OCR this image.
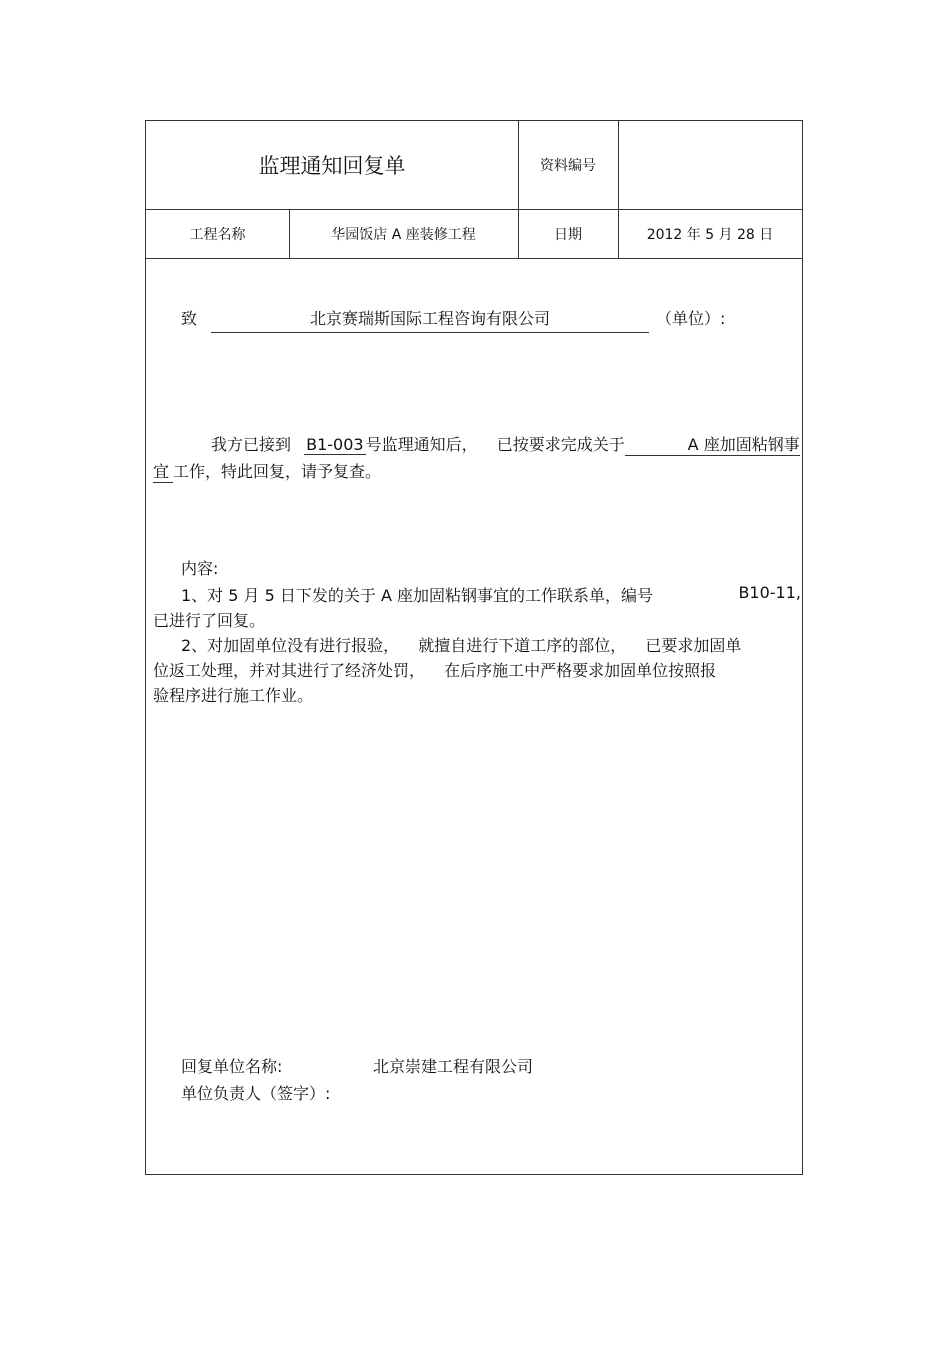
监理通知回复单	资料编号
工程名称	华园饭店 A 座装修工程	日期	2012 年 5 月 28 日
致	北京赛瑞斯国际工程咨询有限公司	（单位）:
我方已接到 B1-003 号监理通知后， 已按要求完成关于	A 座加固粘钢事
宜 工作，特此回复，请予复查。
内容:
1、对 5 月 5 日下发的关于 A 座加固粘钢事宜的工作联系单，编号	B10-11,
已进行了回复。
2、对加固单位没有进行报验， 就擅自进行下道工序的部位， 已要求加固单
位返工处理，并对其进行了经济处罚， 在后序施工中严格要求加固单位按照报
验程序进行施工作业。
回复单位名称:	北京崇建工程有限公司
单位负责人（签字）:
